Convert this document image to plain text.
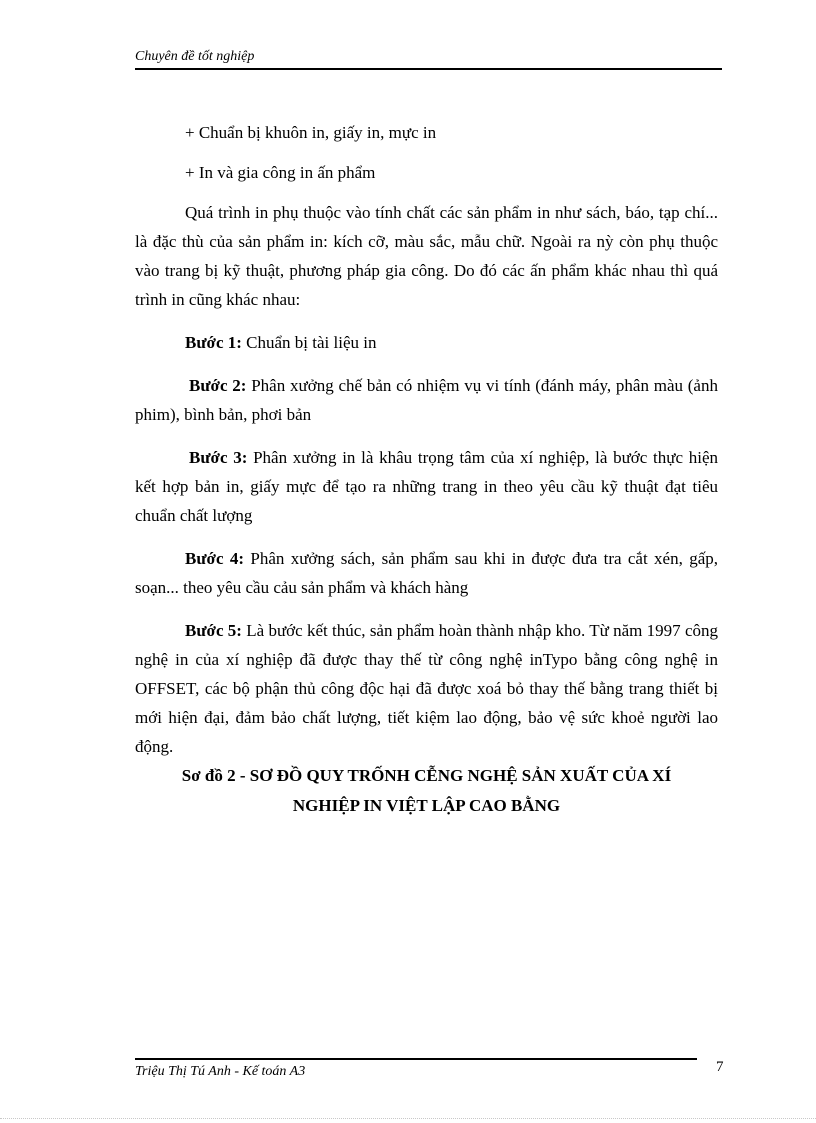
Chuyên đề tốt nghiệp

+ Chuẩn bị khuôn in, giấy in, mực in

+ In và gia công in ấn phẩm

Quá trình in phụ thuộc vào tính chất các sản phẩm in như sách, báo, tạp chí... là đặc thù của sản phẩm in: kích cỡ, màu sắc, mẫu chữ. Ngoài ra nỳ còn phụ thuộc vào trang bị kỹ thuật, phương pháp gia công. Do đó các ấn phẩm khác nhau thì quá trình in cũng khác nhau:

Bước 1: Chuẩn bị tài liệu in

Bước 2: Phân xưởng chế bản có nhiệm vụ vi tính (đánh máy, phân màu (ảnh phim), bình bản, phơi bản

Bước 3: Phân xưởng in là khâu trọng tâm của xí nghiệp, là bước thực hiện kết hợp bản in, giấy mực để tạo ra những trang in theo yêu cầu kỹ thuật đạt tiêu chuẩn chất lượng

Bước 4: Phân xưởng sách, sản phẩm sau khi in được đưa tra cắt xén, gấp, soạn... theo yêu cầu cảu sản phẩm và khách hàng

Bước 5: Là bước kết thúc, sản phẩm hoàn thành nhập kho. Từ năm 1997 công nghệ in của xí nghiệp đã được thay thế từ công nghệ inTypo bằng công nghệ in OFFSET, các bộ phận thủ công độc hại đã được xoá bỏ thay thế bằng trang thiết bị mới hiện đại, đảm bảo chất lượng, tiết kiệm lao động, bảo vệ sức khoẻ người lao động.

Sơ đồ 2 - SƠ ĐỒ QUY TRỐNH CỄNG NGHỆ SẢN XUẤT CỦA XÍ

NGHIỆP IN VIỆT LẬP CAO BẰNG

Triệu Thị Tú Anh - Kế toán A3	7
